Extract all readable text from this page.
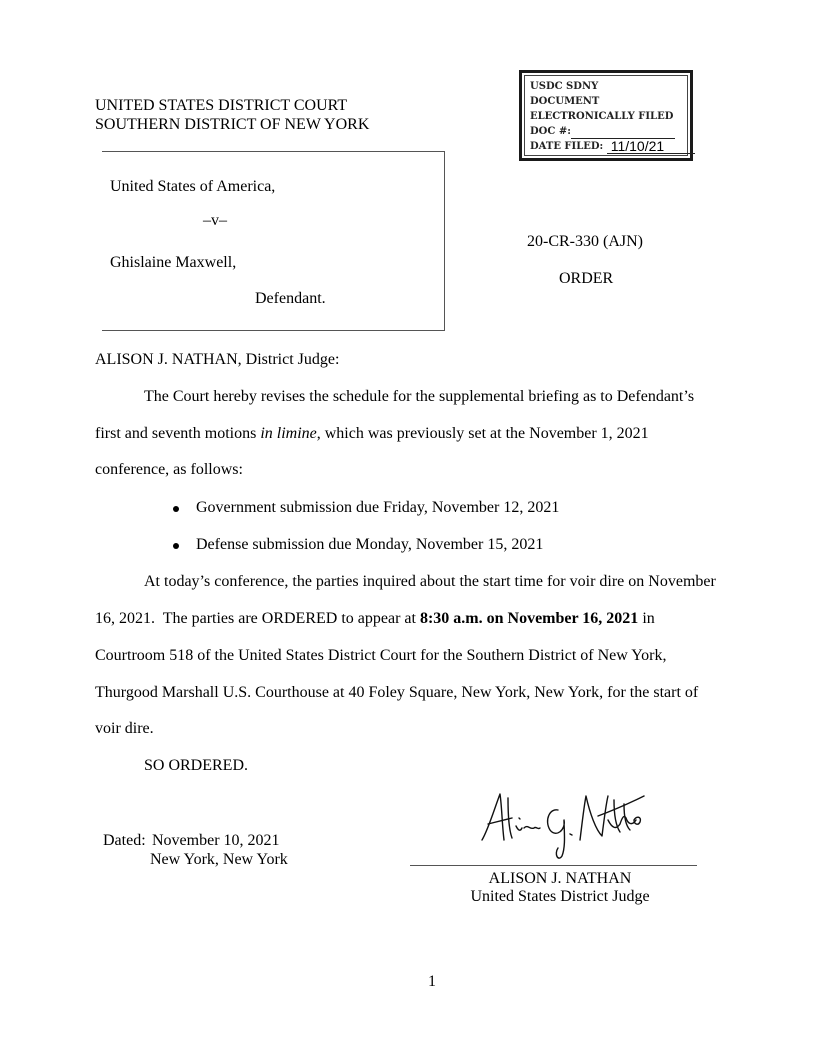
UNITED STATES DISTRICT COURT
SOUTHERN DISTRICT OF NEW YORK
USDC SDNY
DOCUMENT
ELECTRONICALLY FILED
DOC #:
DATE FILED: 11/10/21
United States of America,
–v–
Ghislaine Maxwell,
Defendant.
20-CR-330 (AJN)
ORDER
ALISON J. NATHAN, District Judge:
The Court hereby revises the schedule for the supplemental briefing as to Defendant’s
first and seventh motions in limine, which was previously set at the November 1, 2021
conference, as follows:
Government submission due Friday, November 12, 2021
Defense submission due Monday, November 15, 2021
At today’s conference, the parties inquired about the start time for voir dire on November
16, 2021.  The parties are ORDERED to appear at 8:30 a.m. on November 16, 2021 in
Courtroom 518 of the United States District Court for the Southern District of New York,
Thurgood Marshall U.S. Courthouse at 40 Foley Square, New York, New York, for the start of
voir dire.
SO ORDERED.
Dated: November 10, 2021
New York, New York
ALISON J. NATHAN
United States District Judge
1
